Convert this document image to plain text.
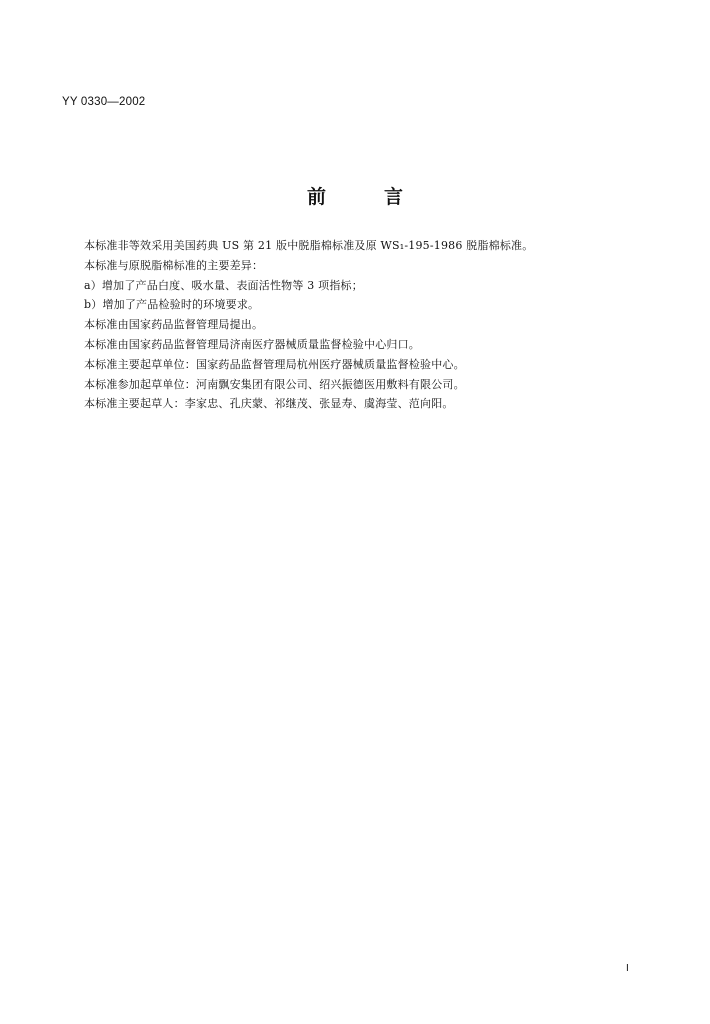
YY 0330—2002
前言
本标准非等效采用美国药典 US 第 21 版中脱脂棉标准及原 WS₁-195-1986 脱脂棉标准。
本标准与原脱脂棉标准的主要差异：
a）增加了产品白度、吸水量、表面活性物等 3 项指标；
b）增加了产品检验时的环境要求。
本标准由国家药品监督管理局提出。
本标准由国家药品监督管理局济南医疗器械质量监督检验中心归口。
本标准主要起草单位：国家药品监督管理局杭州医疗器械质量监督检验中心。
本标准参加起草单位：河南飘安集团有限公司、绍兴振德医用敷料有限公司。
本标准主要起草人：李家忠、孔庆蒙、祁继茂、张显寿、虞海莹、范向阳。
I
